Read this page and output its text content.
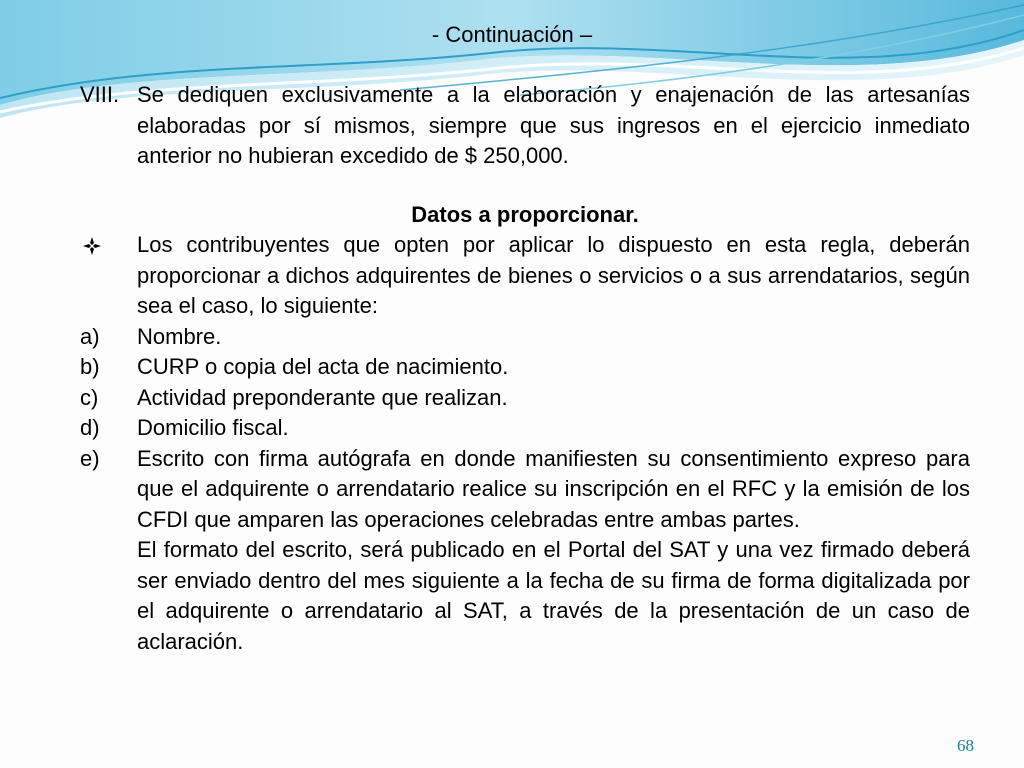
- Continuación –
VIII. Se dediquen exclusivamente a la elaboración y enajenación de las artesanías elaboradas por sí mismos, siempre que sus ingresos en el ejercicio inmediato anterior no hubieran excedido de $ 250,000.
Datos a proporcionar.
Los contribuyentes que opten por aplicar lo dispuesto en esta regla, deberán proporcionar a dichos adquirentes de bienes o servicios o a sus arrendatarios, según sea el caso, lo siguiente:
a)	Nombre.
b)	CURP o copia del acta de nacimiento.
c)	Actividad preponderante que realizan.
d)	Domicilio fiscal.
e)	Escrito con firma autógrafa en donde manifiesten su consentimiento expreso para que el adquirente o arrendatario realice su inscripción en el RFC y la emisión de los CFDI que amparen las operaciones celebradas entre ambas partes.
El formato del escrito, será publicado en el Portal del SAT y una vez firmado deberá ser enviado dentro del mes siguiente a la fecha de su firma de forma digitalizada por el adquirente o arrendatario al SAT, a través de la presentación de un caso de aclaración.
68
